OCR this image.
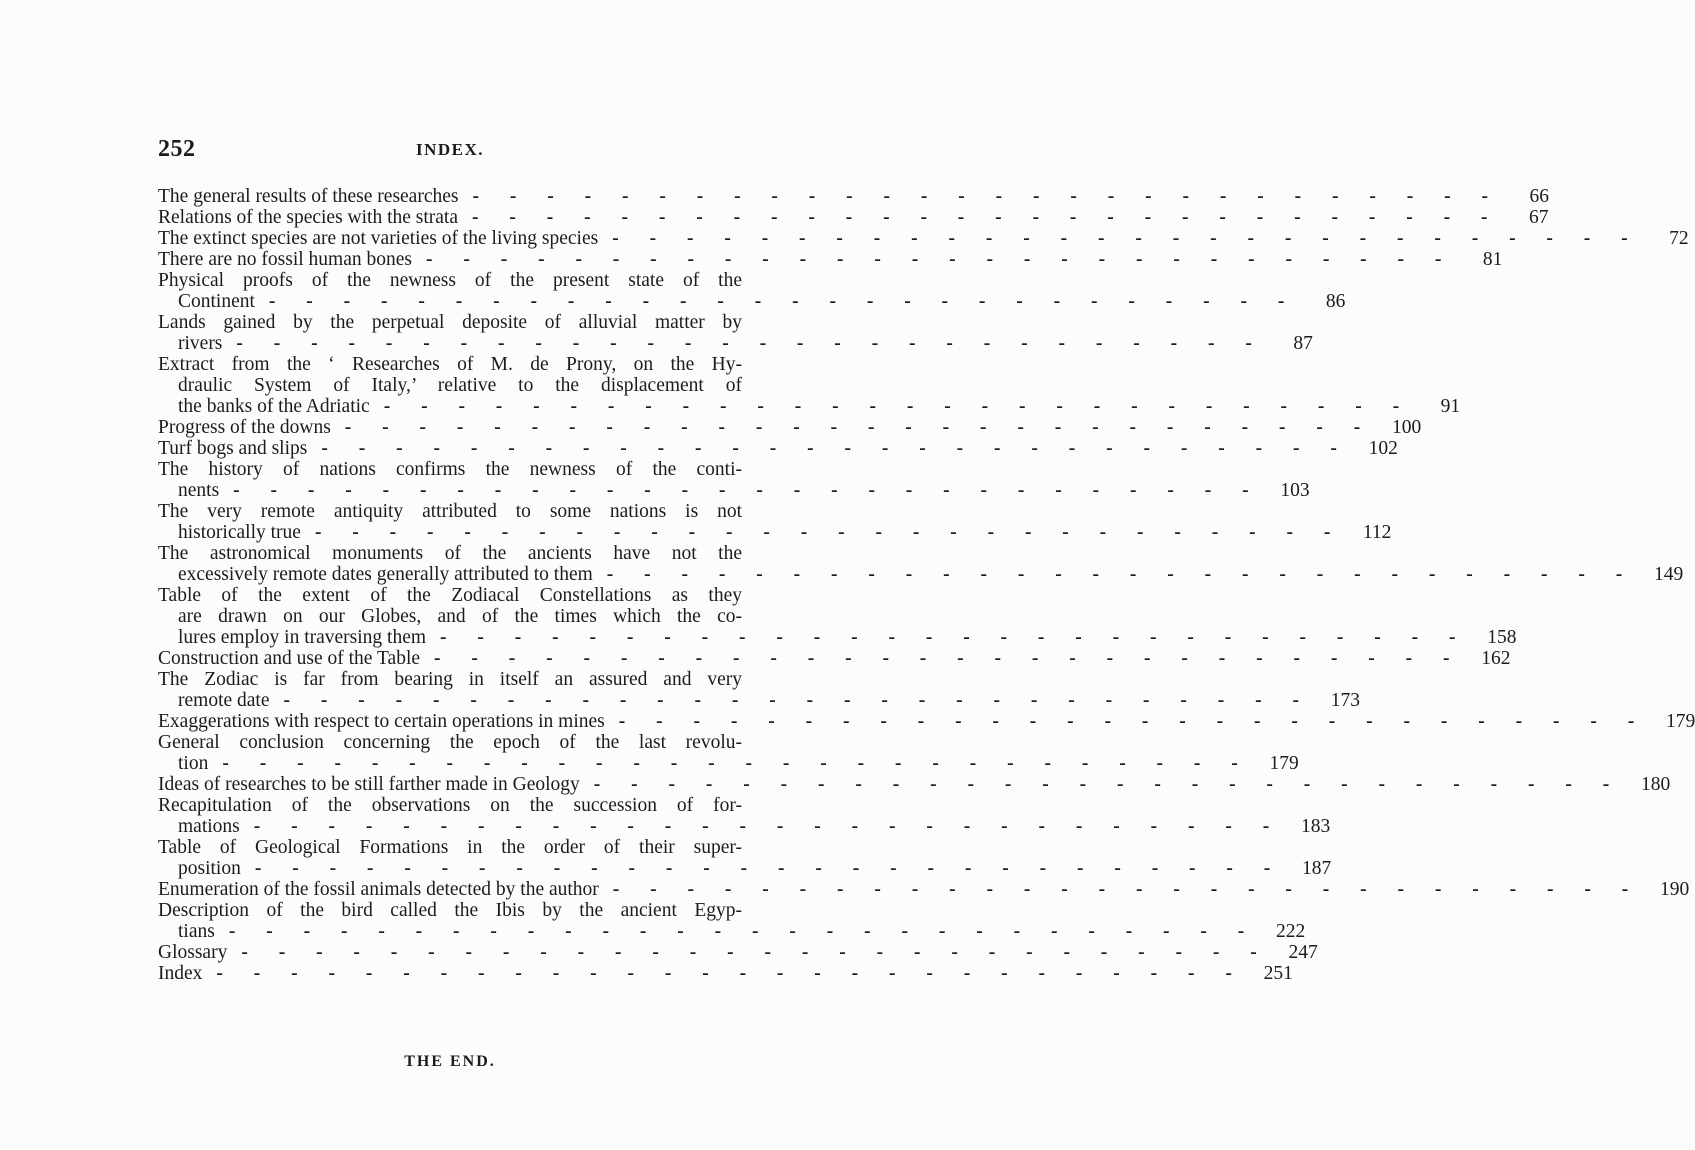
252	INDEX.
The general results of these researches - - - - - - - - - - - - - - - - - - - - - - - - - - - -	66
Relations of the species with the strata - - - - - - - - - - - - - - - - - - - - - - - - - - - -	67
The extinct species are not varieties of the living species - - - - - - - - - - - - - - - - - - - - - - - - - - - -	72
There are no fossil human bones - - - - - - - - - - - - - - - - - - - - - - - - - - - -	81
Physical proofs of the newness of the present state of the
Continent - - - - - - - - - - - - - - - - - - - - - - - - - - - -	86
Lands gained by the perpetual deposite of alluvial matter by
rivers - - - - - - - - - - - - - - - - - - - - - - - - - - - -	87
Extract from the ‘ Researches of M. de Prony, on the Hy-
draulic System of Italy,’ relative to the displacement of
the banks of the Adriatic - - - - - - - - - - - - - - - - - - - - - - - - - - - -	91
Progress of the downs - - - - - - - - - - - - - - - - - - - - - - - - - - - - 100
Turf bogs and slips - - - - - - - - - - - - - - - - - - - - - - - - - - - - 102
The history of nations confirms the newness of the conti-
nents - - - - - - - - - - - - - - - - - - - - - - - - - - - - 103
The very remote antiquity attributed to some nations is not
historically true - - - - - - - - - - - - - - - - - - - - - - - - - - - - 112
The astronomical monuments of the ancients have not the
excessively remote dates generally attributed to them - - - - - - - - - - - - - - - - - - - - - - - - - - - - 149
Table of the extent of the Zodiacal Constellations as they
are drawn on our Globes, and of the times which the co-
lures employ in traversing them - - - - - - - - - - - - - - - - - - - - - - - - - - - - 158
Construction and use of the Table - - - - - - - - - - - - - - - - - - - - - - - - - - - - 162
The Zodiac is far from bearing in itself an assured and very
remote date - - - - - - - - - - - - - - - - - - - - - - - - - - - - 173
Exaggerations with respect to certain operations in mines - - - - - - - - - - - - - - - - - - - - - - - - - - - - 179
General conclusion concerning the epoch of the last revolu-
tion - - - - - - - - - - - - - - - - - - - - - - - - - - - - 179
Ideas of researches to be still farther made in Geology - - - - - - - - - - - - - - - - - - - - - - - - - - - - 180
Recapitulation of the observations on the succession of for-
mations - - - - - - - - - - - - - - - - - - - - - - - - - - - - 183
Table of Geological Formations in the order of their super-
position - - - - - - - - - - - - - - - - - - - - - - - - - - - - 187
Enumeration of the fossil animals detected by the author - - - - - - - - - - - - - - - - - - - - - - - - - - - - 190
Description of the bird called the Ibis by the ancient Egyp-
tians - - - - - - - - - - - - - - - - - - - - - - - - - - - - 222
Glossary - - - - - - - - - - - - - - - - - - - - - - - - - - - - 247
Index - - - - - - - - - - - - - - - - - - - - - - - - - - - - 251
THE END.
